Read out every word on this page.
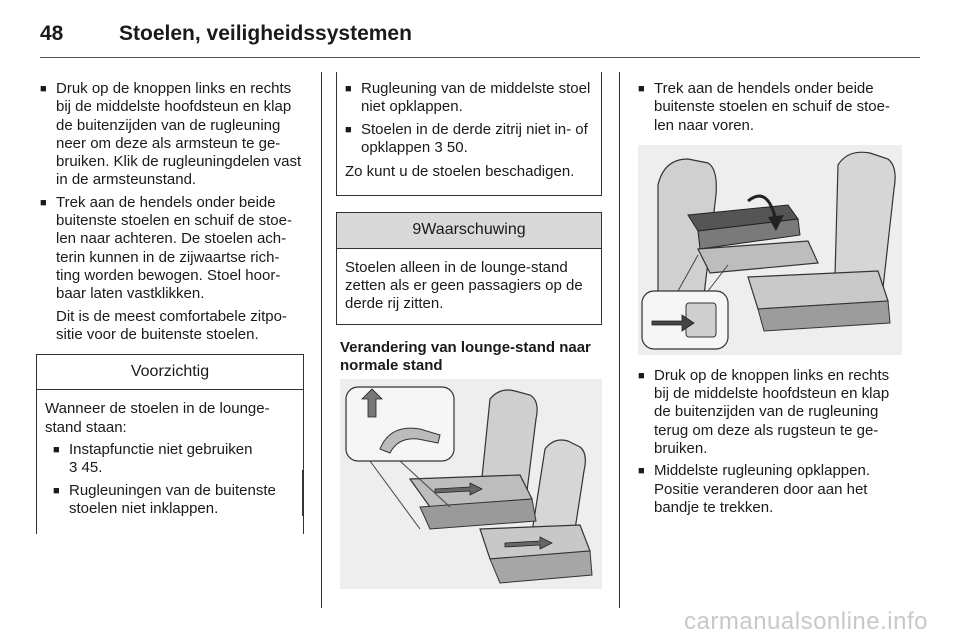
48	Stoelen, veiligheidssystemen
■ Druk op de knoppen links en rechts bij de middelste hoofdsteun en klap de buitenzijden van de rugleuning neer om deze als armsteun te ge- bruiken. Klik de rugleuningdelen vast in de armsteunstand.
■ Trek aan de hendels onder beide buitenste stoelen en schuif de stoe- len naar achteren. De stoelen ach- terin kunnen in de zijwaartse rich- ting worden bewogen. Stoel hoor- baar laten vastklikken.
Dit is de meest comfortabele zitpo- sitie voor de buitenste stoelen.
Voorzichtig
Wanneer de stoelen in de lounge- stand staan:
■ Instapfunctie niet gebruiken
3 45.
■ Rugleuningen van de buitenste stoelen niet inklappen.
■ Rugleuning van de middelste stoel niet opklappen.
■ Stoelen in de derde zitrij niet in- of opklappen 3 50.
Zo kunt u de stoelen beschadigen.
9Waarschuwing
Stoelen alleen in de lounge-stand zetten als er geen passagiers op de derde rij zitten.
Verandering van lounge-stand naar normale stand
■ Trek aan de hendels onder beide buitenste stoelen en schuif de stoe- len naar voren.
■ Druk op de knoppen links en rechts bij de middelste hoofdsteun en klap de buitenzijden van de rugleuning terug om deze als rugsteun te ge- bruiken.
■ Middelste rugleuning opklappen. Positie veranderen door aan het bandje te trekken.
carmanualsonline.info
